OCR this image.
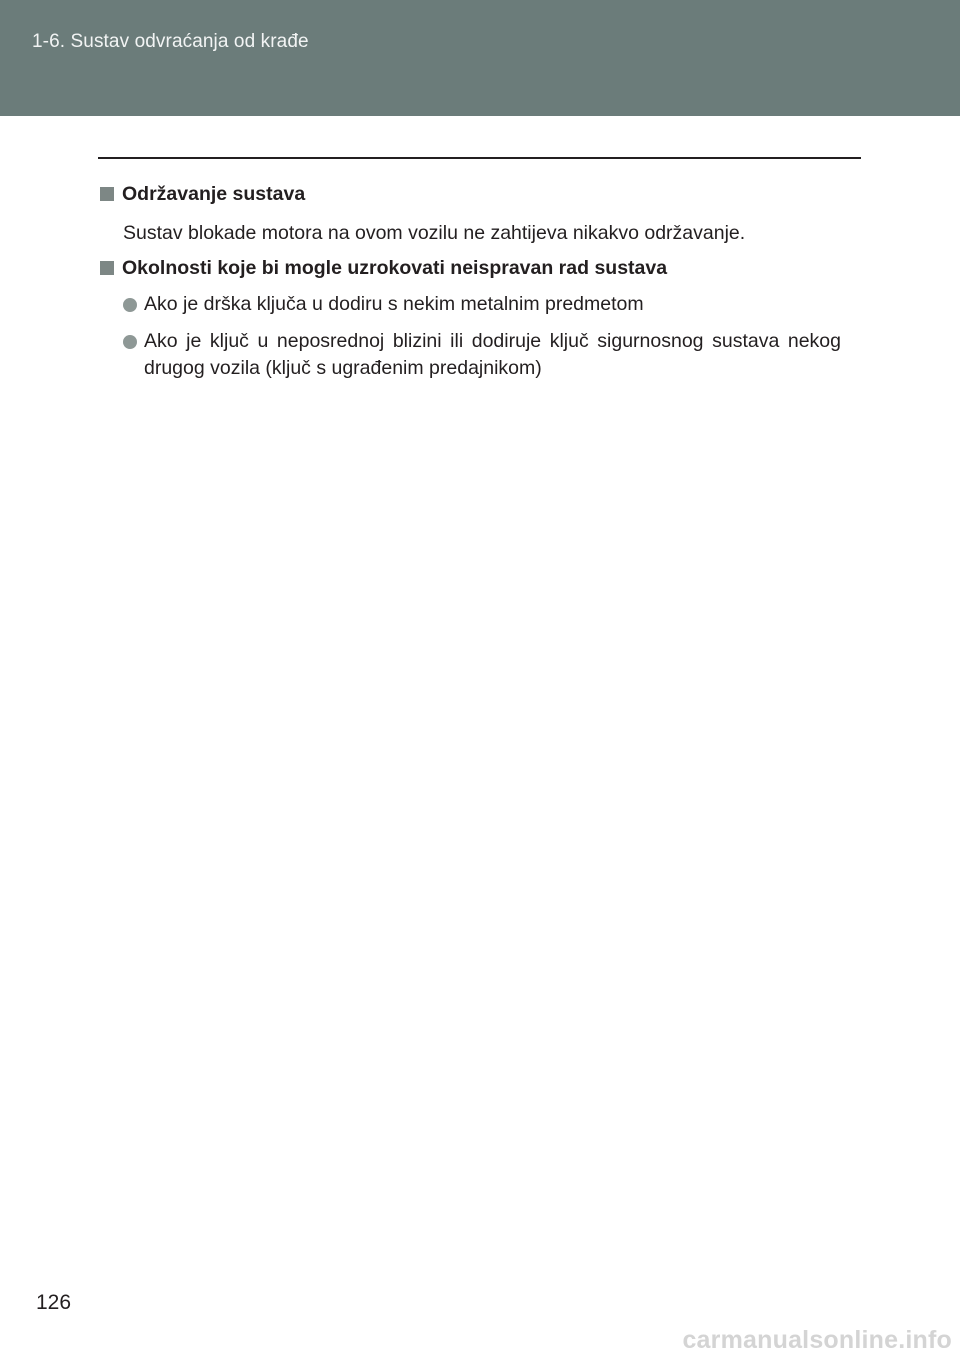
1-6. Sustav odvraćanja od krađe
Održavanje sustava
Sustav blokade motora na ovom vozilu ne zahtijeva nikakvo održavanje.
Okolnosti koje bi mogle uzrokovati neispravan rad sustava
Ako je drška ključa u dodiru s nekim metalnim predmetom
Ako je ključ u neposrednoj blizini ili dodiruje ključ sigurnosnog sustava nekog drugog vozila (ključ s ugrađenim predajnikom)
126
carmanualsonline.info
